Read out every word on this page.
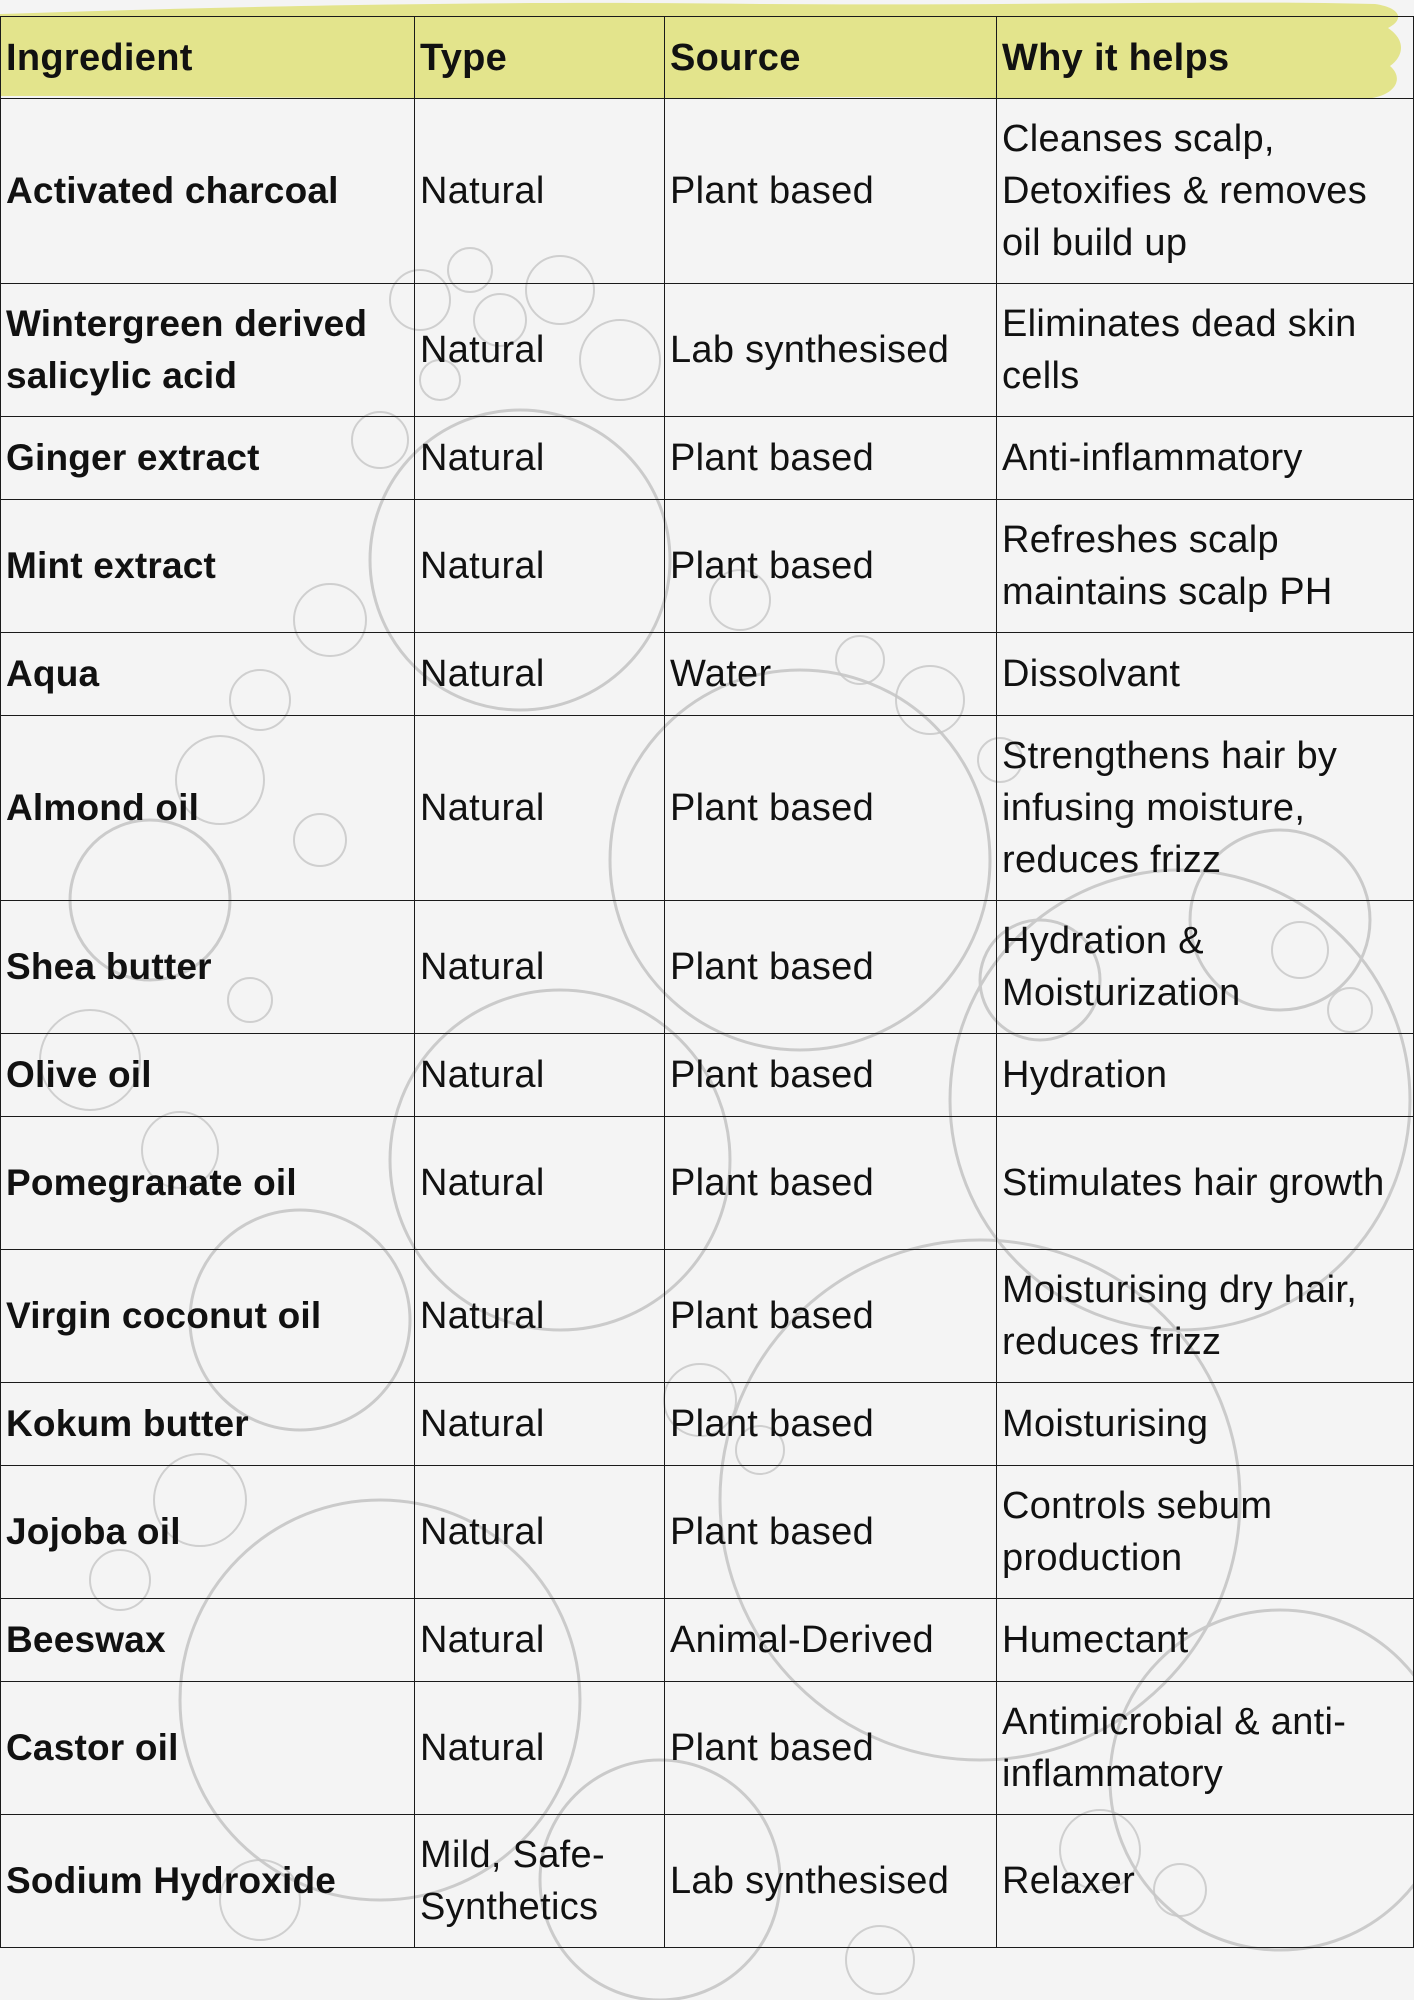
Ingredient	Type	Source	Why it helps
Activated charcoal	Natural	Plant based	Cleanses scalp, Detoxifies & removes oil build up
Wintergreen derived salicylic acid	Natural	Lab synthesised	Eliminates dead skin cells
Ginger extract	Natural	Plant based	Anti-inflammatory
Mint extract	Natural	Plant based	Refreshes scalp maintains scalp PH
Aqua	Natural	Water	Dissolvant
Almond oil	Natural	Plant based	Strengthens hair by infusing moisture, reduces frizz
Shea butter	Natural	Plant based	Hydration & Moisturization
Olive oil	Natural	Plant based	Hydration
Pomegranate oil	Natural	Plant based	Stimulates hair growth
Virgin coconut oil	Natural	Plant based	Moisturising dry hair, reduces frizz
Kokum butter	Natural	Plant based	Moisturising
Jojoba oil	Natural	Plant based	Controls sebum production
Beeswax	Natural	Animal-Derived	Humectant
Castor oil	Natural	Plant based	Antimicrobial & anti-inflammatory
Sodium Hydroxide	Mild, Safe-Synthetics	Lab synthesised	Relaxer
